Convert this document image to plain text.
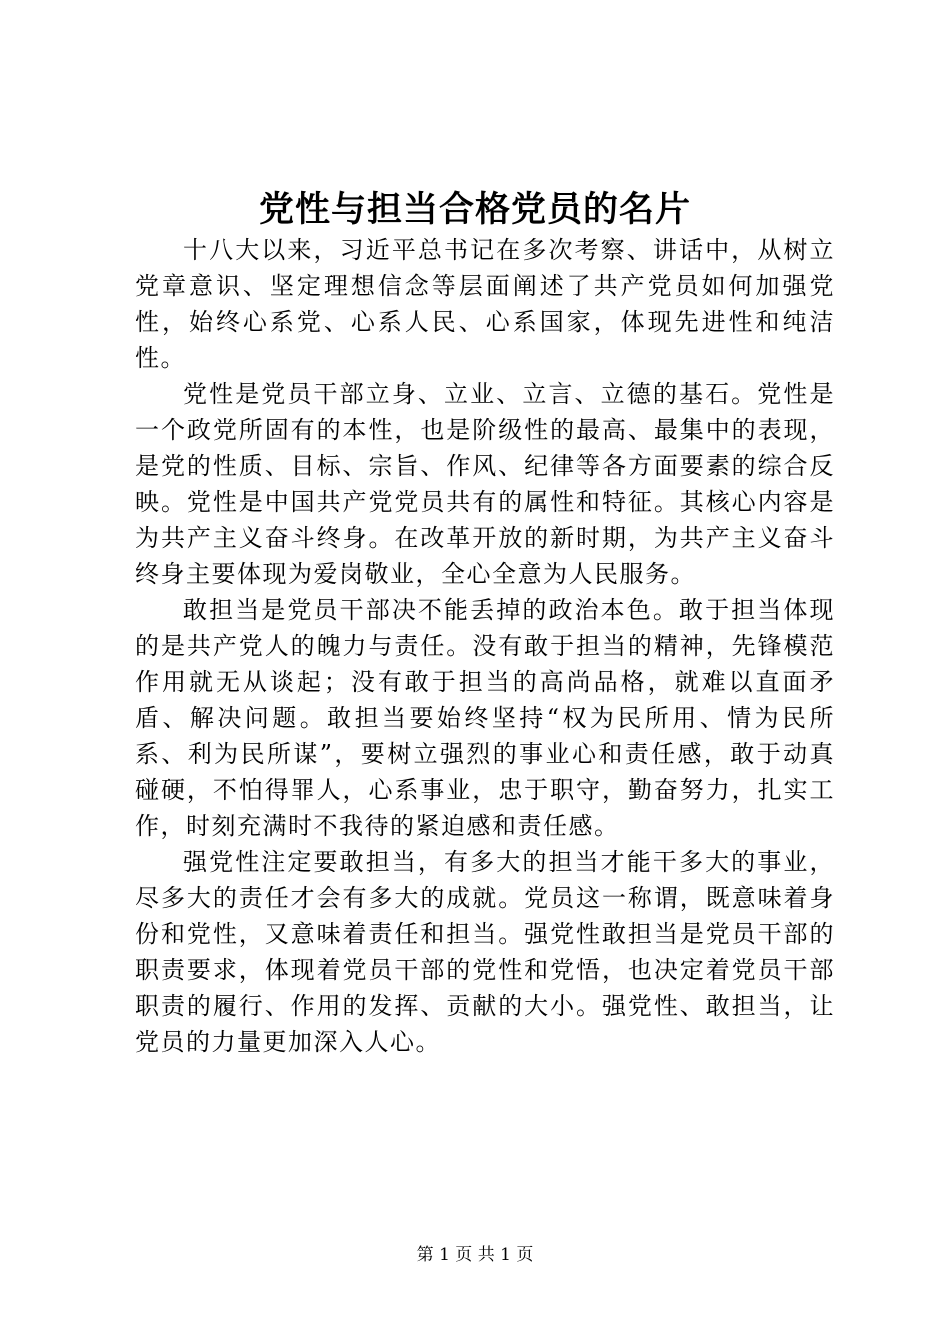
党性与担当合格党员的名片

十八大以来，习近平总书记在多次考察、讲话中，从树立党章意识、坚定理想信念等层面阐述了共产党员如何加强党性，始终心系党、心系人民、心系国家，体现先进性和纯洁性。

党性是党员干部立身、立业、立言、立德的基石。党性是一个政党所固有的本性，也是阶级性的最高、最集中的表现，是党的性质、目标、宗旨、作风、纪律等各方面要素的综合反映。党性是中国共产党党员共有的属性和特征。其核心内容是为共产主义奋斗终身。在改革开放的新时期，为共产主义奋斗终身主要体现为爱岗敬业，全心全意为人民服务。

敢担当是党员干部决不能丢掉的政治本色。敢于担当体现的是共产党人的魄力与责任。没有敢于担当的精神，先锋模范作用就无从谈起；没有敢于担当的高尚品格，就难以直面矛盾、解决问题。敢担当要始终坚持“权为民所用、情为民所系、利为民所谋”，要树立强烈的事业心和责任感，敢于动真碰硬，不怕得罪人，心系事业，忠于职守，勤奋努力，扎实工作，时刻充满时不我待的紧迫感和责任感。

强党性注定要敢担当，有多大的担当才能干多大的事业，尽多大的责任才会有多大的成就。党员这一称谓，既意味着身份和党性，又意味着责任和担当。强党性敢担当是党员干部的职责要求，体现着党员干部的党性和党悟，也决定着党员干部职责的履行、作用的发挥、贡献的大小。强党性、敢担当，让党员的力量更加深入人心。

第 1 页 共 1 页
